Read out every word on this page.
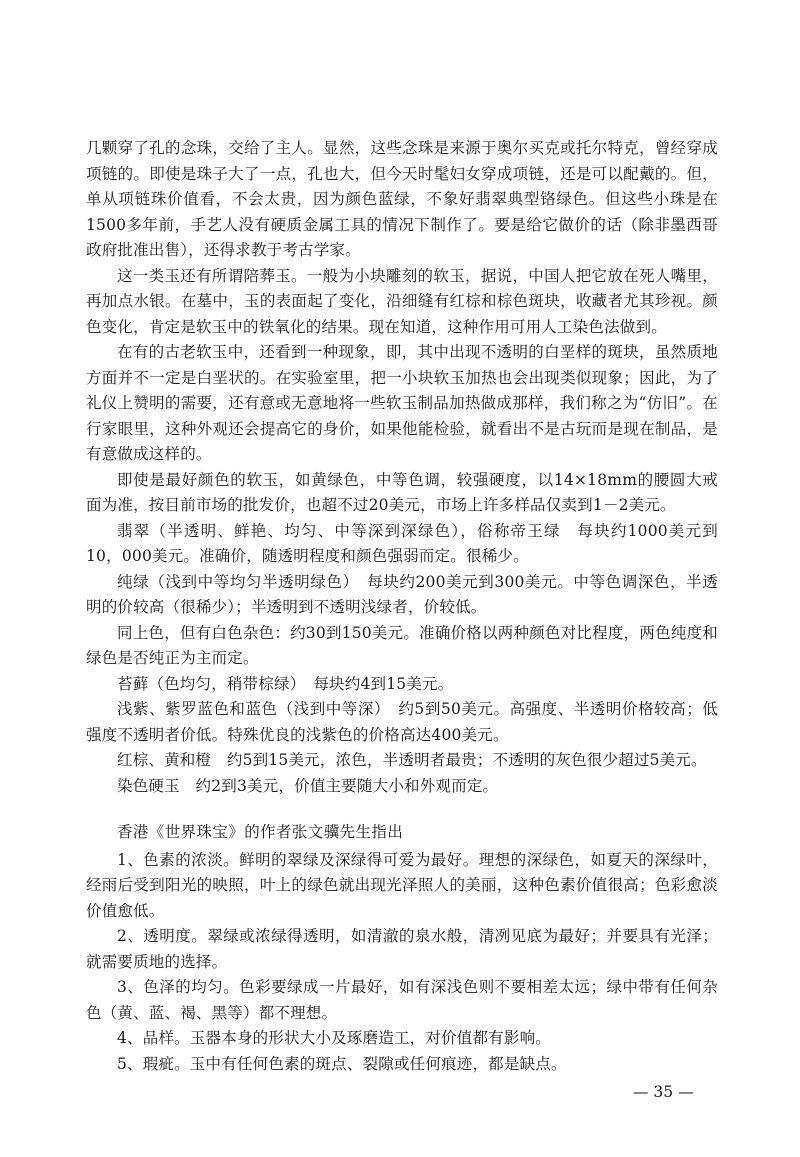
几颗穿了孔的念珠，交给了主人。显然，这些念珠是来源于奥尔买克或托尔特克，曾经穿成项链的。即使是珠子大了一点，孔也大，但今天时髦妇女穿成项链，还是可以配戴的。但，单从项链珠价值看，不会太贵，因为颜色蓝绿，不象好翡翠典型铬绿色。但这些小珠是在1500多年前，手艺人没有硬质金属工具的情况下制作了。要是给它做价的话（除非墨西哥政府批准出售），还得求教于考古学家。

这一类玉还有所谓陪葬玉。一般为小块雕刻的软玉，据说，中国人把它放在死人嘴里，再加点水银。在墓中，玉的表面起了变化，沿细缝有红棕和棕色斑块，收藏者尤其珍视。颜色变化，肯定是软玉中的铁氧化的结果。现在知道，这种作用可用人工染色法做到。

在有的古老软玉中，还看到一种现象，即，其中出现不透明的白垩样的斑块，虽然质地方面并不一定是白垩状的。在实验室里，把一小块软玉加热也会出现类似现象；因此，为了礼仪上赞明的需要，还有意或无意地将一些软玉制品加热做成那样，我们称之为“仿旧”。在行家眼里，这种外观还会提高它的身价，如果他能检验，就看出不是古玩而是现在制品，是有意做成这样的。

即使是最好颜色的软玉，如黄绿色，中等色调，较强硬度，以14×18mm的腰圆大戒面为准，按目前市场的批发价，也超不过20美元，市场上许多样品仅卖到1－2美元。

翡翠（半透明、鲜艳、均匀、中等深到深绿色），俗称帝王绿　每块约1000美元到10，000美元。准确价，随透明程度和颜色强弱而定。很稀少。

纯绿（浅到中等均匀半透明绿色）　每块约200美元到300美元。中等色调深色，半透明的价较高（很稀少）；半透明到不透明浅绿者，价较低。

同上色，但有白色杂色：约30到150美元。准确价格以两种颜色对比程度，两色纯度和绿色是否纯正为主而定。

苔藓（色均匀，稍带棕绿）　每块约4到15美元。

浅紫、紫罗蓝色和蓝色（浅到中等深）　约5到50美元。高强度、半透明价格较高；低强度不透明者价低。特殊优良的浅紫色的价格高达400美元。

红棕、黄和橙　约5到15美元，浓色，半透明者最贵；不透明的灰色很少超过5美元。

染色硬玉　约2到3美元，价值主要随大小和外观而定。

香港《世界珠宝》的作者张文骥先生指出

1、色素的浓淡。鲜明的翠绿及深绿得可爱为最好。理想的深绿色，如夏天的深绿叶，经雨后受到阳光的映照，叶上的绿色就出现光泽照人的美丽，这种色素价值很高；色彩愈淡价值愈低。

2、透明度。翠绿或浓绿得透明，如清澈的泉水般，清冽见底为最好；并要具有光泽；就需要质地的选择。

3、色泽的均匀。色彩要绿成一片最好，如有深浅色则不要相差太远；绿中带有任何杂色（黄、蓝、褐、黑等）都不理想。

4、品样。玉器本身的形状大小及琢磨造工，对价值都有影响。

5、瑕疵。玉中有任何色素的斑点、裂隙或任何痕迹，都是缺点。

— 35 —
